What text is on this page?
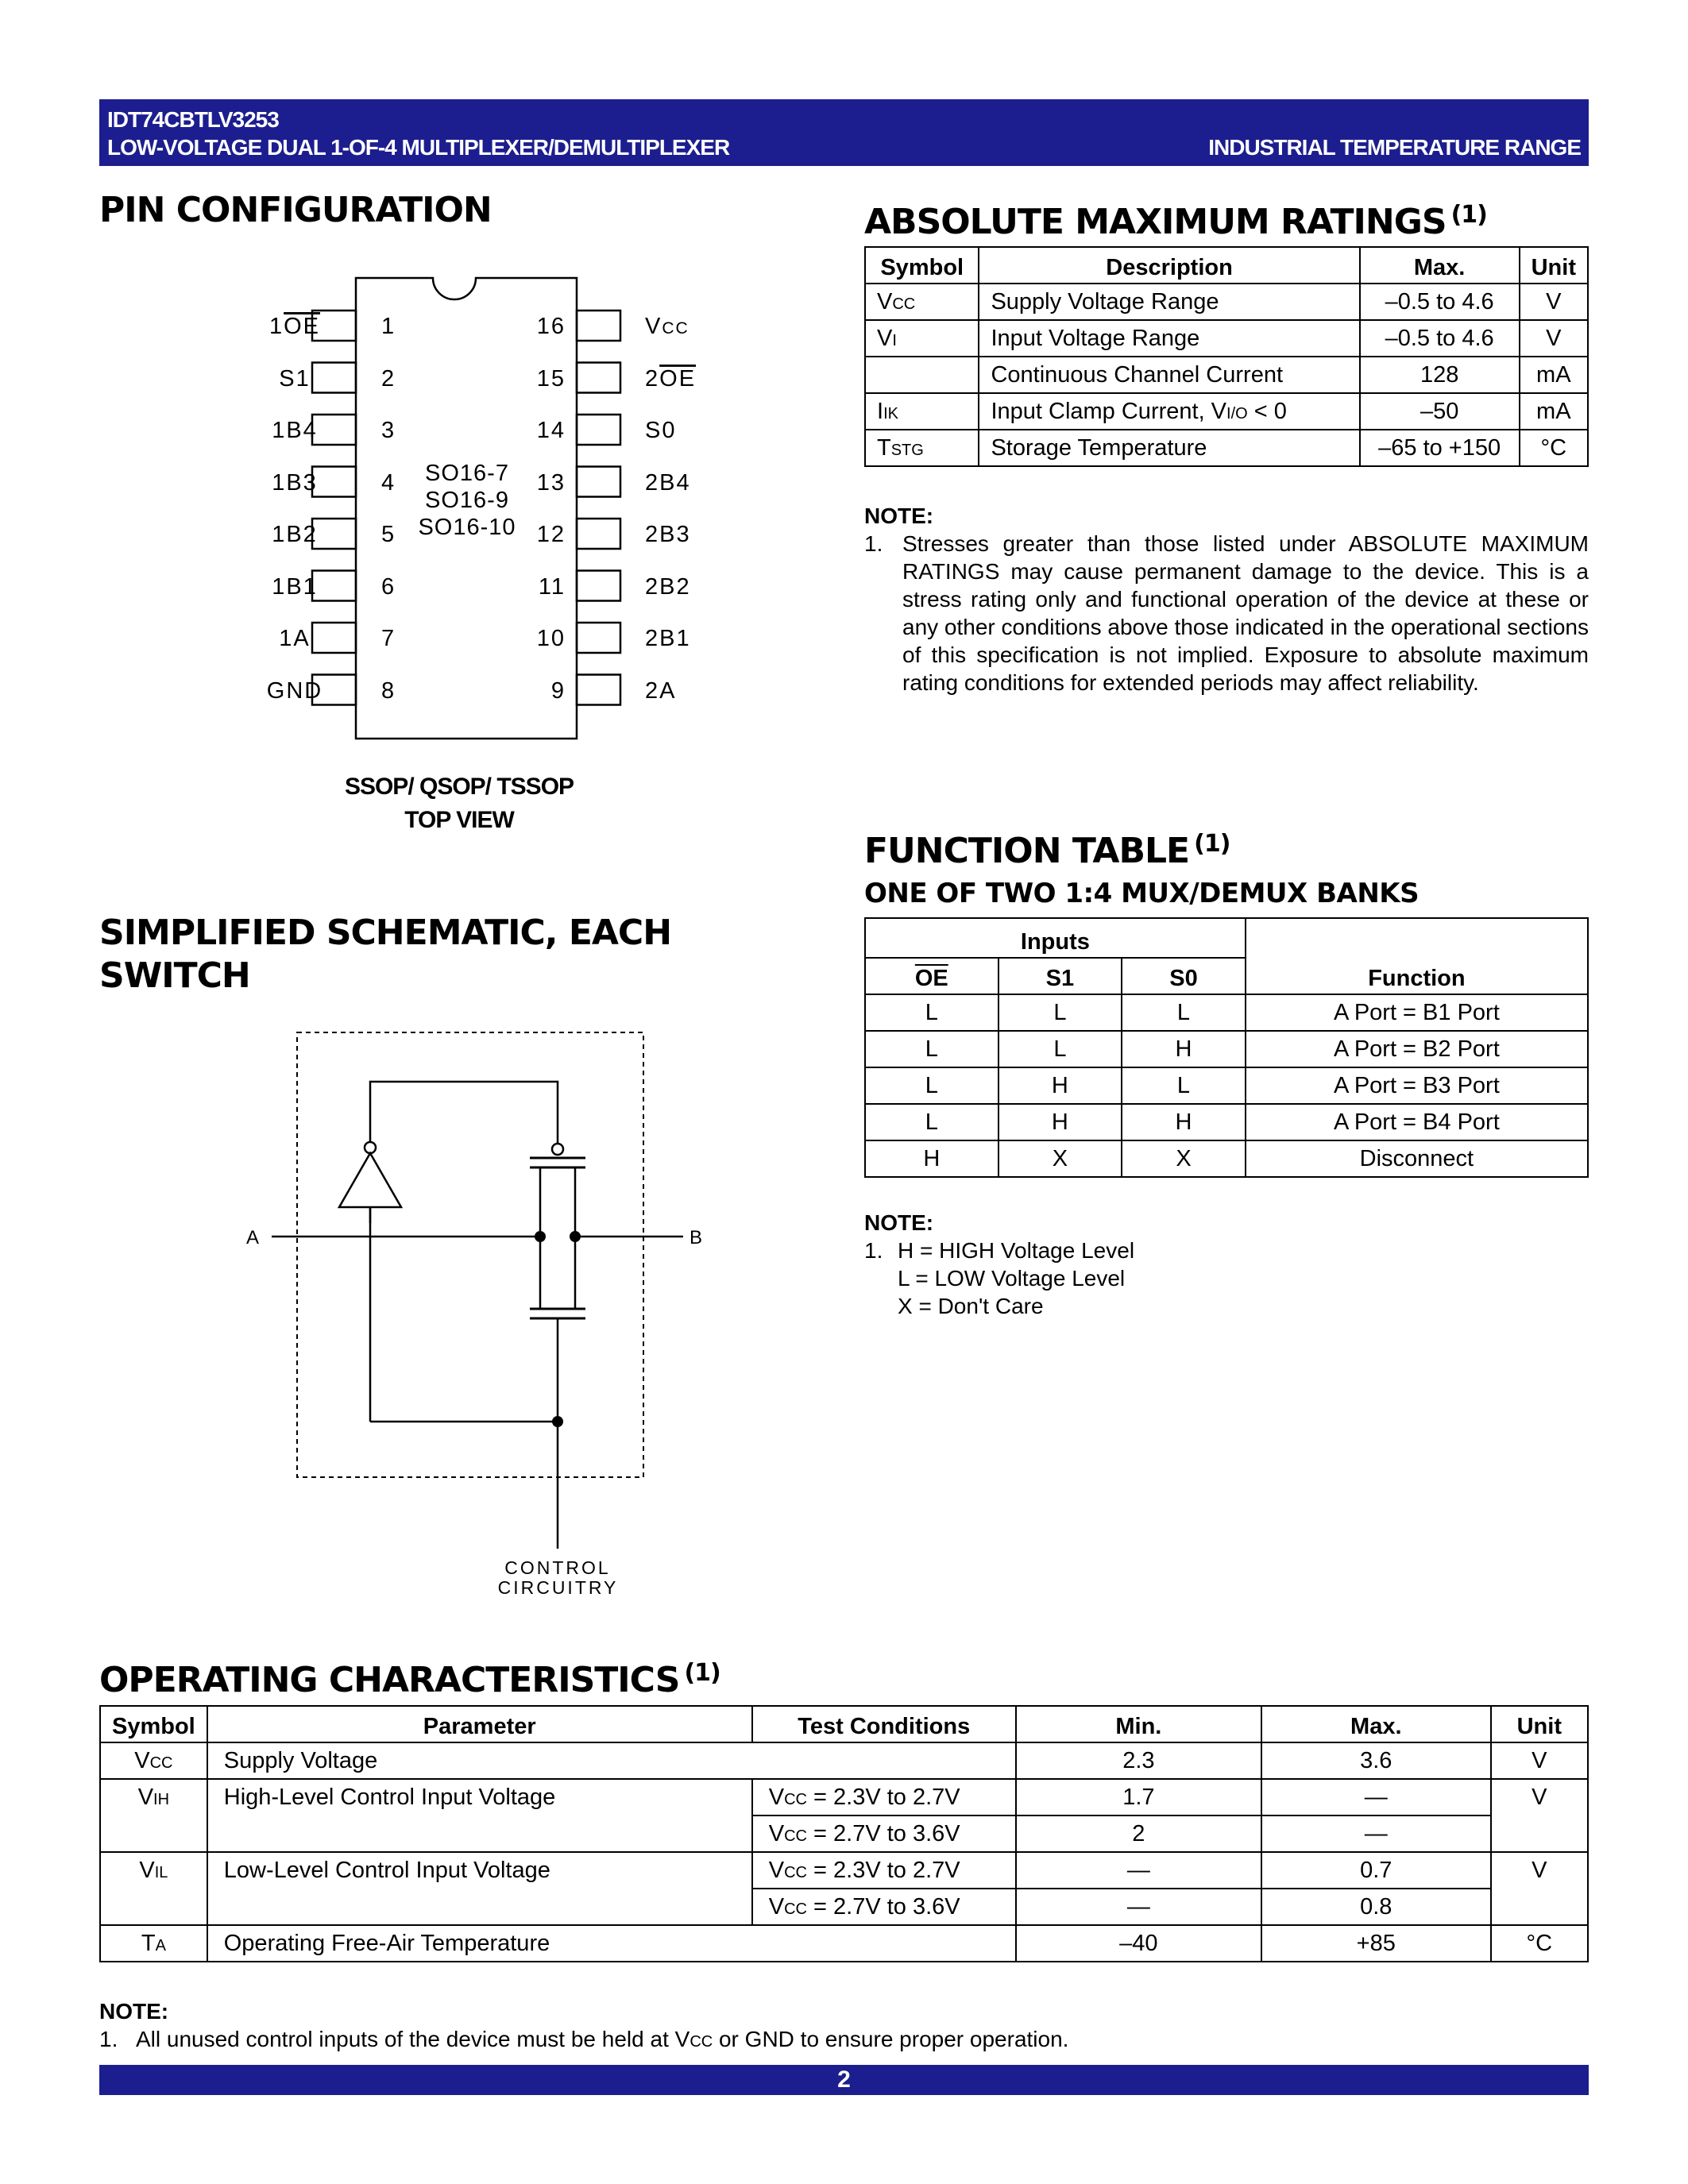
IDT74CBTLV3253
LOW-VOLTAGE DUAL 1-OF-4 MULTIPLEXER/DEMULTIPLEXER	INDUSTRIAL TEMPERATURE RANGE
PIN CONFIGURATION
1OE
S1
1B4
1B3
1B2
1B1
1A
GND
1
2
3
4
5
6
7
8
16
15
14
13
12
11
10
9
VCC
2OE
S0
2B4
2B3
2B2
2B1
2A
SO16-7
SO16-9
SO16-10
SSOP/ QSOP/ TSSOP
TOP VIEW
SIMPLIFIED SCHEMATIC, EACH
SWITCH
A	B
CONTROL
CIRCUITRY
ABSOLUTE MAXIMUM RATINGS $^{(1)}$
Symbol	Description	Max.	Unit
VCC	Supply Voltage Range	–0.5 to 4.6	V
VI	Input Voltage Range	–0.5 to 4.6	V
	Continuous Channel Current	128	mA
IIK	Input Clamp Current, VI/O < 0	–50	mA
TSTG	Storage Temperature	–65 to +150	°C
NOTE:
1. Stresses greater than those listed under ABSOLUTE MAXIMUM RATINGS may cause permanent damage to the device. This is a stress rating only and functional operation of the device at these or any other conditions above those indicated in the operational sections of this specification is not implied. Exposure to absolute maximum rating conditions for extended periods may affect reliability.
FUNCTION TABLE $^{(1)}$
ONE OF TWO 1:4 MUX/DEMUX BANKS
Inputs			Function
$\overline{OE}$	S1	S0	
L	L	L	A Port = B1 Port
L	L	H	A Port = B2 Port
L	H	L	A Port = B3 Port
L	H	H	A Port = B4 Port
H	X	X	Disconnect
NOTE:
1. H = HIGH Voltage Level
L = LOW Voltage Level
X = Don't Care
OPERATING CHARACTERISTICS $^{(1)}$
Symbol	Parameter	Test Conditions	Min.	Max.	Unit
VCC	Supply Voltage		2.3	3.6	V
VIH	High-Level Control Input Voltage	VCC = 2.3V to 2.7V	1.7	—	V
		VCC = 2.7V to 3.6V	2	—	
VIL	Low-Level Control Input Voltage	VCC = 2.3V to 2.7V	—	0.7	V
		VCC = 2.7V to 3.6V	—	0.8	
TA	Operating Free-Air Temperature		–40	+85	°C
NOTE:
1. All unused control inputs of the device must be held at VCC or GND to ensure proper operation.
2
